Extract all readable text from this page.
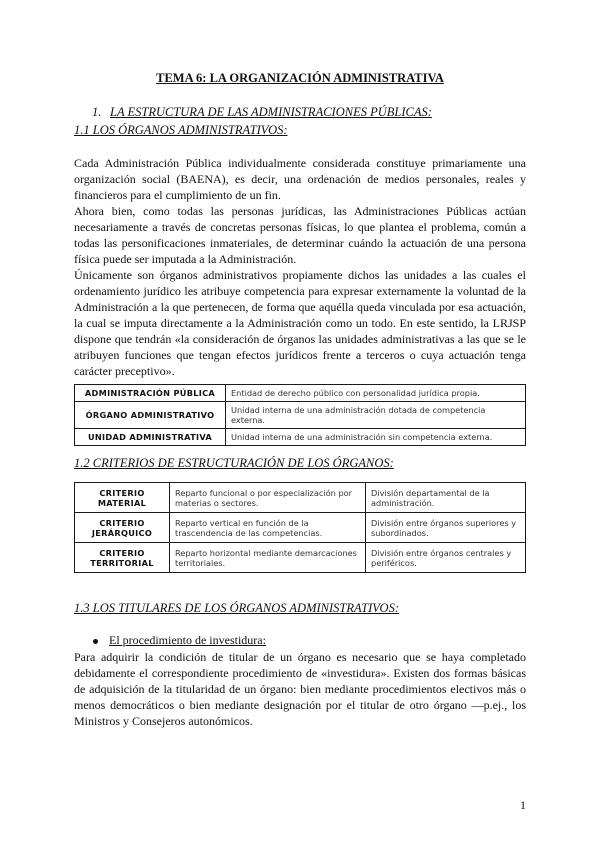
TEMA 6: LA ORGANIZACIÓN ADMINISTRATIVA
1. LA ESTRUCTURA DE LAS ADMINISTRACIONES PÚBLICAS:
1.1 LOS ÓRGANOS ADMINISTRATIVOS:
Cada Administración Pública individualmente considerada constituye primariamente una organización social (BAENA), es decir, una ordenación de medios personales, reales y financieros para el cumplimiento de un fin.
Ahora bien, como todas las personas jurídicas, las Administraciones Públicas actúan necesariamente a través de concretas personas físicas, lo que plantea el problema, común a todas las personificaciones inmateriales, de determinar cuándo la actuación de una persona física puede ser imputada a la Administración.
Únicamente son órganos administrativos propiamente dichos las unidades a las cuales el ordenamiento jurídico les atribuye competencia para expresar externamente la voluntad de la Administración a la que pertenecen, de forma que aquélla queda vinculada por esa actuación, la cual se imputa directamente a la Administración como un todo. En este sentido, la LRJSP dispone que tendrán «la consideración de órganos las unidades administrativas a las que se le atribuyen funciones que tengan efectos jurídicos frente a terceros o cuya actuación tenga carácter preceptivo».
ADMINISTRACIÓN PÚBLICA	Entidad de derecho público con personalidad jurídica propia.
ÓRGANO ADMINISTRATIVO	Unidad interna de una administración dotada de competencia externa.
UNIDAD ADMINISTRATIVA	Unidad interna de una administración sin competencia externa.
1.2 CRITERIOS DE ESTRUCTURACIÓN DE LOS ÓRGANOS:
CRITERIO MATERIAL	Reparto funcional o por especialización por materias o sectores.	División departamental de la administración.
CRITERIO JERÁRQUICO	Reparto vertical en función de la trascendencia de las competencias.	División entre órganos superiores y subordinados.
CRITERIO TERRITORIAL	Reparto horizontal mediante demarcaciones territoriales.	División entre órganos centrales y periféricos.
1.3 LOS TITULARES DE LOS ÓRGANOS ADMINISTRATIVOS:
El procedimiento de investidura:
Para adquirir la condición de titular de un órgano es necesario que se haya completado debidamente el correspondiente procedimiento de «investidura». Existen dos formas básicas de adquisición de la titularidad de un órgano: bien mediante procedimientos electivos más o menos democráticos o bien mediante designación por el titular de otro órgano —p.ej., los Ministros y Consejeros autonómicos.
1
